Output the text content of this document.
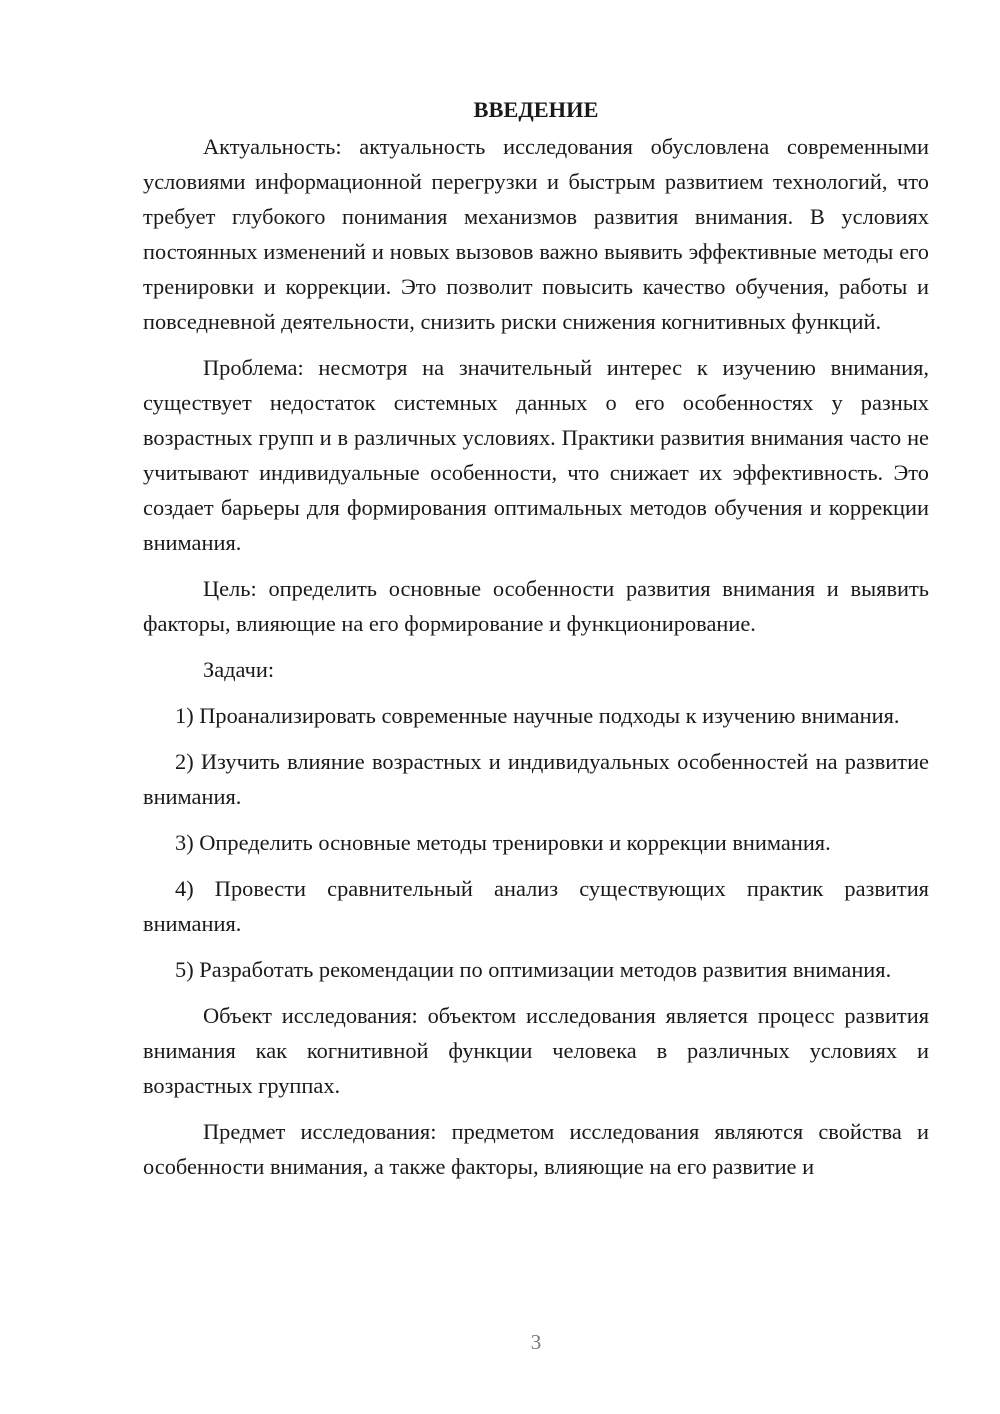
ВВЕДЕНИЕ

Актуальность: актуальность исследования обусловлена современными условиями информационной перегрузки и быстрым развитием технологий, что требует глубокого понимания механизмов развития внимания. В условиях постоянных изменений и новых вызовов важно выявить эффективные методы его тренировки и коррекции. Это позволит повысить качество обучения, работы и повседневной деятельности, снизить риски снижения когнитивных функций.

Проблема: несмотря на значительный интерес к изучению внимания, существует недостаток системных данных о его особенностях у разных возрастных групп и в различных условиях. Практики развития внимания часто не учитывают индивидуальные особенности, что снижает их эффективность. Это создает барьеры для формирования оптимальных методов обучения и коррекции внимания.

Цель: определить основные особенности развития внимания и выявить факторы, влияющие на его формирование и функционирование.

Задачи:

1) Проанализировать современные научные подходы к изучению внимания.

2) Изучить влияние возрастных и индивидуальных особенностей на развитие внимания.

3) Определить основные методы тренировки и коррекции внимания.

4) Провести сравнительный анализ существующих практик развития внимания.

5) Разработать рекомендации по оптимизации методов развития внимания.

Объект исследования: объектом исследования является процесс развития внимания как когнитивной функции человека в различных условиях и возрастных группах.

Предмет исследования: предметом исследования являются свойства и особенности внимания, а также факторы, влияющие на его развитие и

3
